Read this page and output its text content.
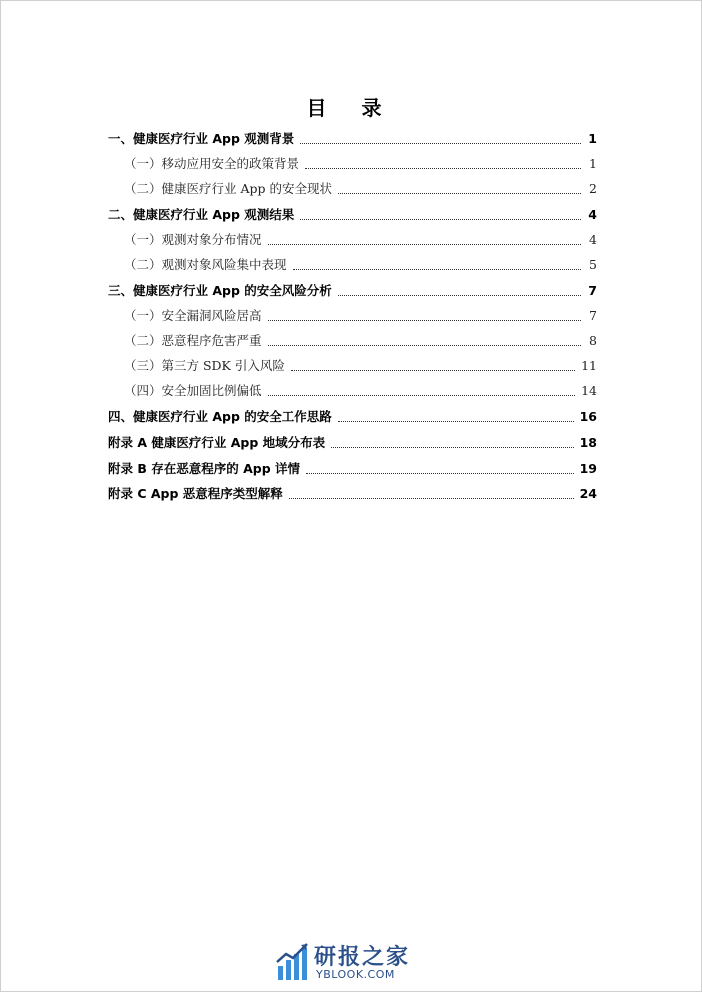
目 录
一、健康医疗行业 App 观测背景	1
（一）移动应用安全的政策背景	1
（二）健康医疗行业 App 的安全现状	2
二、健康医疗行业 App 观测结果	4
（一）观测对象分布情况	4
（二）观测对象风险集中表现	5
三、健康医疗行业 App 的安全风险分析	7
（一）安全漏洞风险居高	7
（二）恶意程序危害严重	8
（三）第三方 SDK 引入风险	11
（四）安全加固比例偏低	14
四、健康医疗行业 App 的安全工作思路	16
附录 A 健康医疗行业 App 地域分布表	18
附录 B 存在恶意程序的 App 详情	19
附录 C App 恶意程序类型解释	24
研报之家
YBLOOK.COM
